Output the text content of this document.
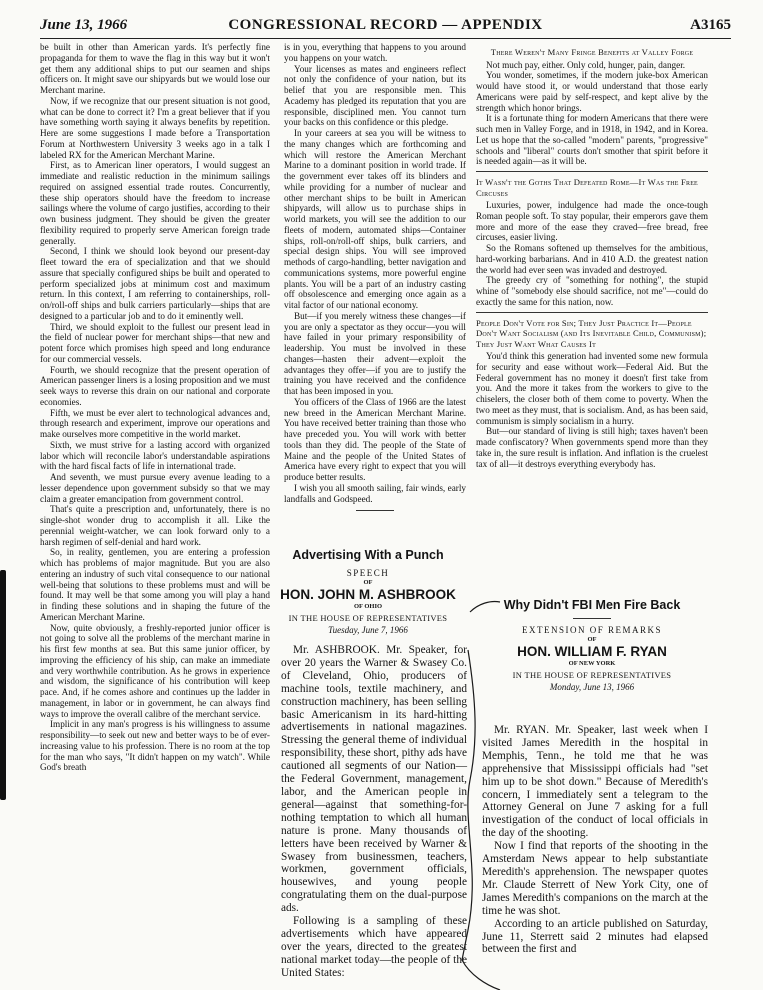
June 13, 1966	CONGRESSIONAL RECORD — APPENDIX	A3165

be built in other than American yards. It's perfectly fine propaganda for them to wave the flag in this way but it won't get them any additional ships to put our seamen and ships officers on. It might save our shipyards but we would lose our Merchant marine.

Now, if we recognize that our present situation is not good, what can be done to correct it? I'm a great believer that if you have something worth saying it always benefits by repetition. Here are some suggestions I made before a Transportation Forum at Northwestern University 3 weeks ago in a talk I labeled RX for the American Merchant Marine.

First, as to American liner operators, I would suggest an immediate and realistic reduction in the minimum sailings required on assigned essential trade routes. Concurrently, these ship operators should have the freedom to increase sailings where the volume of cargo justifies, according to their own business judgment. They should be given the greater flexibility required to properly serve American foreign trade generally.

Second, I think we should look beyond our present-day fleet toward the era of specialization and that we should assure that specially configured ships be built and operated to perform specialized jobs at minimum cost and maximum return. In this context, I am referring to containerships, roll-on/roll-off ships and bulk carriers particularly—ships that are designed to a particular job and to do it eminently well.

Third, we should exploit to the fullest our present lead in the field of nuclear power for merchant ships—that new and potent force which promises high speed and long endurance for our commercial vessels.

Fourth, we should recognize that the present operation of American passenger liners is a losing proposition and we must seek ways to reverse this drain on our national and corporate economies.

Fifth, we must be ever alert to technological advances and, through research and experiment, improve our operations and make ourselves more competitive in the world market.

Sixth, we must strive for a lasting accord with organized labor which will reconcile labor's understandable aspirations with the hard fiscal facts of life in international trade.

And seventh, we must pursue every avenue leading to a lesser dependence upon government subsidy so that we may claim a greater emancipation from government control.

That's quite a prescription and, unfortunately, there is no single-shot wonder drug to accomplish it all. Like the perennial weight-watcher, we can look forward only to a harsh regimen of self-denial and hard work.

So, in reality, gentlemen, you are entering a profession which has problems of major magnitude. But you are also entering an industry of such vital consequence to our national well-being that solutions to these problems must and will be found. It may well be that some among you will play a hand in finding these solutions and in shaping the future of the American Merchant Marine.

Now, quite obviously, a freshly-reported junior officer is not going to solve all the problems of the merchant marine in his first few months at sea. But this same junior officer, by improving the efficiency of his ship, can make an immediate and very worthwhile contribution. As he grows in experience and wisdom, the significance of his contribution will keep pace. And, if he comes ashore and continues up the ladder in management, in labor or in government, he can always find ways to improve the overall calibre of the merchant service.

Implicit in any man's progress is his willingness to assume responsibility—to seek out new and better ways to be of ever-increasing value to his profession. There is no room at the top for the man who says, "It didn't happen on my watch". While God's breath

is in you, everything that happens to you around you happens on your watch.

Your licenses as mates and engineers reflect not only the confidence of your nation, but its belief that you are responsible men. This Academy has pledged its reputation that you are responsible, disciplined men. You cannot turn your backs on this confidence or this pledge.

In your careers at sea you will be witness to the many changes which are forthcoming and which will restore the American Merchant Marine to a dominant position in world trade. If the government ever takes off its blinders and while providing for a number of nuclear and other merchant ships to be built in American shipyards, will allow us to purchase ships in world markets, you will see the addition to our fleets of modern, automated ships—Container ships, roll-on/roll-off ships, bulk carriers, and special design ships. You will see improved methods of cargo-handling, better navigation and communications systems, more powerful engine plants. You will be a part of an industry casting off obsolescence and emerging once again as a vital factor of our national economy.

But—if you merely witness these changes—if you are only a spectator as they occur—you will have failed in your primary responsibility of leadership. You must be involved in these changes—hasten their advent—exploit the advantages they offer—if you are to justify the training you have received and the confidence that has been imposed in you.

You officers of the Class of 1966 are the latest new breed in the American Merchant Marine. You have received better training than those who have preceded you. You will work with better tools than they did. The people of the State of Maine and the people of the United States of America have every right to expect that you will produce better results.

I wish you all smooth sailing, fair winds, early landfalls and Godspeed.

Advertising With a Punch
SPEECH
OF
HON. JOHN M. ASHBROOK
OF OHIO
IN THE HOUSE OF REPRESENTATIVES
Tuesday, June 7, 1966

Mr. ASHBROOK. Mr. Speaker, for over 20 years the Warner & Swasey Co. of Cleveland, Ohio, producers of machine tools, textile machinery, and construction machinery, has been selling basic Americanism in its hard-hitting advertisements in national magazines. Stressing the general theme of individual responsibility, these short, pithy ads have cautioned all segments of our Nation—the Federal Government, management, labor, and the American people in general—against that something-for-nothing temptation to which all human nature is prone. Many thousands of letters have been received by Warner & Swasey from businessmen, teachers, workmen, government officials, housewives, and young people congratulating them on the dual-purpose ads.

Following is a sampling of these advertisements which have appeared over the years, directed to the greatest national market today—the people of the United States:

There Weren't Many Fringe Benefits at Valley Forge

Not much pay, either. Only cold, hunger, pain, danger.

You wonder, sometimes, if the modern juke-box American would have stood it, or would understand that those early Americans were paid by self-respect, and kept alive by the strength which honor brings.

It is a fortunate thing for modern Americans that there were such men in Valley Forge, and in 1918, in 1942, and in Korea. Let us hope that the so-called "modern" parents, "progressive" schools and "liberal" courts don't smother that spirit before it is needed again—as it will be.

It Wasn't the Goths That Defeated Rome—It Was the Free Circuses

Luxuries, power, indulgence had made the once-tough Roman people soft. To stay popular, their emperors gave them more and more of the ease they craved—free bread, free circuses, easier living.

So the Romans softened up themselves for the ambitious, hard-working barbarians. And in 410 A.D. the greatest nation the world had ever seen was invaded and destroyed.

The greedy cry of "something for nothing", the stupid whine of "somebody else should sacrifice, not me"—could do exactly the same for this nation, now.

People Don't Vote for Sin; They Just Practice It—People Don't Want Socialism (and Its Inevitable Child, Communism); They Just Want What Causes It

You'd think this generation had invented some new formula for security and ease without work—Federal Aid. But the Federal government has no money it doesn't first take from you. And the more it takes from the workers to give to the chiselers, the closer both of them come to poverty. When the two meet as they must, that is socialism. And, as has been said, communism is simply socialism in a hurry.

But—our standard of living is still high; taxes haven't been made confiscatory? When governments spend more than they take in, the sure result is inflation. And inflation is the cruelest tax of all—it destroys everything everybody has.

Why Didn't FBI Men Fire Back
EXTENSION OF REMARKS
OF
HON. WILLIAM F. RYAN
OF NEW YORK
IN THE HOUSE OF REPRESENTATIVES
Monday, June 13, 1966

Mr. RYAN. Mr. Speaker, last week when I visited James Meredith in the hospital in Memphis, Tenn., he told me that he was apprehensive that Mississippi officials had "set him up to be shot down." Because of Meredith's concern, I immediately sent a telegram to the Attorney General on June 7 asking for a full investigation of the conduct of local officials in the day of the shooting.

Now I find that reports of the shooting in the Amsterdam News appear to help substantiate Meredith's apprehension. The newspaper quotes Mr. Claude Sterrett of New York City, one of James Meredith's companions on the march at the time he was shot.

According to an article published on Saturday, June 11, Sterrett said 2 minutes had elapsed between the first and
